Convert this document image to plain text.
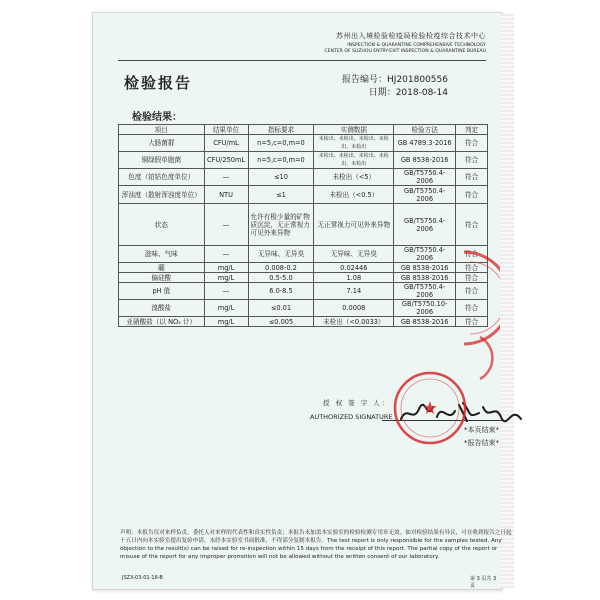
苏州出入境检验检疫局检验检疫综合技术中心
INSPECTION & QUARANTINE COMPREHENSIVE TECHNOLOGY
CENTER OF SUZHOU ENTRY-EXIT INSPECTION & QUARANTINE BUREAU
检验报告	报告编号：HJ201800556
日期：2018-08-14
检验结果：
项目	结果单位	指标要求	实测数据	检验方法	判定
大肠菌群	CFU/mL	n=5,c=0,m=0	未检出、未检出、未检出、未检出、未检出	GB 4789.3-2016	符合
铜绿假单胞菌	CFU/250mL	n=5,c=0,m=0	未检出、未检出、未检出、未检出、未检出	GB 8538-2016	符合
色度（铂钴色度单位）	—	≤10	未检出（<5）	GB/T5750.4-2006	符合
浑浊度（散射浑浊度单位）	NTU	≤1	未检出（<0.5）	GB/T5750.4-2006	符合
状态	—	允许有极少量的矿物质沉淀，无正常视力可见外来异物	无正常视力可见外来异物	GB/T5750.4-2006	符合
滋味、气味	—	无异味、无异臭	无异味、无异臭	GB/T5750.4-2006	符合
硼	mg/L	0.008-0.2	0.02446	GB 8538-2016	符合
偏硅酸	mg/L	0.5-5.0	1.08	GB 8538-2016	符合
pH 值	—	6.0-8.5	7.14	GB/T5750.4-2006	符合
溴酸盐	mg/L	≤0.01	0.0008	GB/T5750.10-2006	符合
亚硝酸盐（以 NO₂ 计）	mg/L	≤0.005	未检出（<0.0033）	GB 8538-2016	符合
授 权 签 字 人：
AUTHORIZED SIGNATURE ★
*本页结束*
*报告结束*
声明：本报告仅对来样负责，委托人对来样的代表性和真实性负责；本报告未加盖本实验室的检验检测专用章无效。如对检验结果有异议，可在收到报告之日起十五日内向本实验室提出复验申请。未经本实验室书面批准，不得部分复制本报告。The test report is only responsible for the samples tested. Any objection to the result(s) can be raised for re-inspection within 15 days from the receipt of this report. The partial copy of the report or misuse of the report for any improper promotion will not be allowed without the written consent of our laboratory.
JSZX-03-01-16-B	第 3 页共 3 页
